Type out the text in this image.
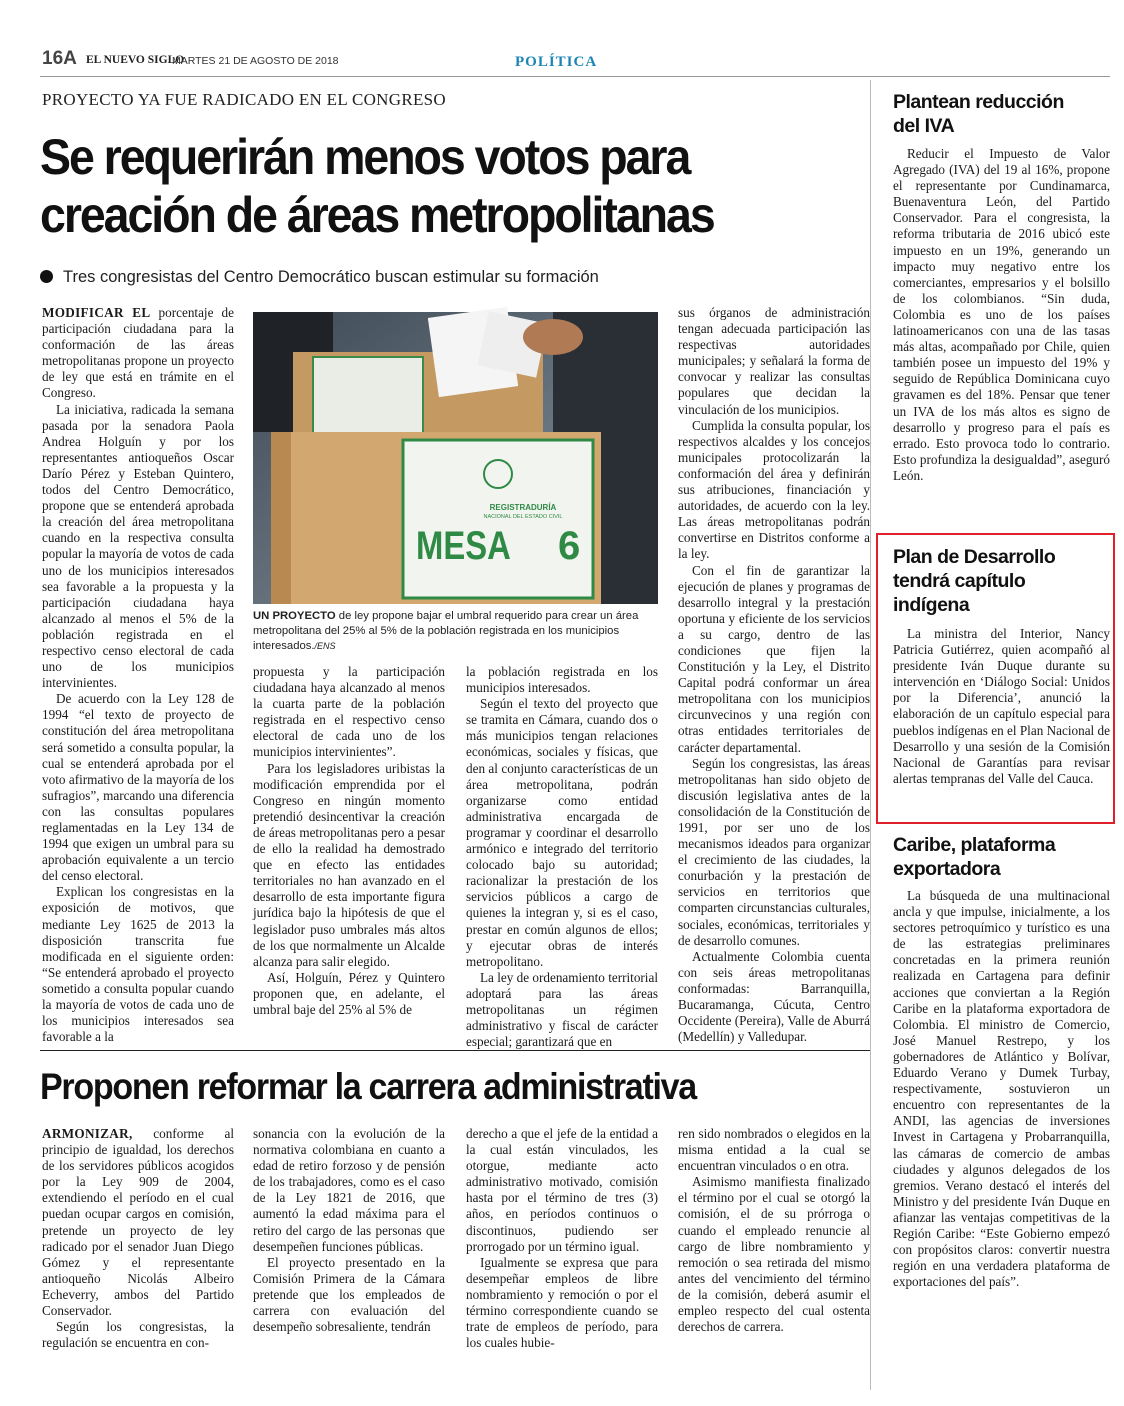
16A EL NUEVO SIGLO
MARTES 21 DE AGOSTO DE 2018	POLÍTICA
PROYECTO YA FUE RADICADO EN EL CONGRESO
Se requerirán menos votos para creación de áreas metropolitanas
Tres congresistas del Centro Democrático buscan estimular su formación

MODIFICAR EL porcentaje de participación ciudadana para la conformación de las áreas metropolitanas propone un proyecto de ley que está en trámite en el Congreso.

La iniciativa, radicada la semana pasada por la senadora Paola Andrea Holguín y por los representantes antioqueños Oscar Darío Pérez y Esteban Quintero, todos del Centro Democrático, propone que se entenderá aprobada la creación del área metropolitana cuando en la respectiva consulta popular la mayoría de votos de cada uno de los municipios interesados sea favorable a la propuesta y la participación ciudadana haya alcanzado al menos el 5% de la población registrada en el respectivo censo electoral de cada uno de los municipios intervinientes.

De acuerdo con la Ley 128 de 1994 “el texto de proyecto de constitución del área metropolitana será sometido a consulta popular, la cual se entenderá aprobada por el voto afirmativo de la mayoría de los sufragios”, marcando una diferencia con las consultas populares reglamentadas en la Ley 134 de 1994 que exigen un umbral para su aprobación equivalente a un tercio del censo electoral.

Explican los congresistas en la exposición de motivos, que mediante Ley 1625 de 2013 la disposición transcrita fue modificada en el siguiente orden: “Se entenderá aprobado el proyecto sometido a consulta popular cuando la mayoría de votos de cada uno de los municipios interesados sea favorable a la

REGISTRADURÍA
NACIONAL DEL ESTADO CIVIL
MESA 6
UN PROYECTO de ley propone bajar el umbral requerido para crear un área metropolitana del 25% al 5% de la población registrada en los municipios interesados./ENS

propuesta y la participación ciudadana haya alcanzado al menos la cuarta parte de la población registrada en el respectivo censo electoral de cada uno de los municipios intervinientes”.

Para los legisladores uribistas la modificación emprendida por el Congreso en ningún momento pretendió desincentivar la creación de áreas metropolitanas pero a pesar de ello la realidad ha demostrado que en efecto las entidades territoriales no han avanzado en el desarrollo de esta importante figura jurídica bajo la hipótesis de que el legislador puso umbrales más altos de los que normalmente un Alcalde alcanza para salir elegido.

Así, Holguín, Pérez y Quintero proponen que, en adelante, el umbral baje del 25% al 5% de

la población registrada en los municipios interesados.

Según el texto del proyecto que se tramita en Cámara, cuando dos o más municipios tengan relaciones económicas, sociales y físicas, que den al conjunto características de un área metropolitana, podrán organizarse como entidad administrativa encargada de programar y coordinar el desarrollo armónico e integrado del territorio colocado bajo su autoridad; racionalizar la prestación de los servicios públicos a cargo de quienes la integran y, si es el caso, prestar en común algunos de ellos; y ejecutar obras de interés metropolitano.

La ley de ordenamiento territorial adoptará para las áreas metropolitanas un régimen administrativo y fiscal de carácter especial; garantizará que en

sus órganos de administración tengan adecuada participación las respectivas autoridades municipales; y señalará la forma de convocar y realizar las consultas populares que decidan la vinculación de los municipios.

Cumplida la consulta popular, los respectivos alcaldes y los concejos municipales protocolizarán la conformación del área y definirán sus atribuciones, financiación y autoridades, de acuerdo con la ley. Las áreas metropolitanas podrán convertirse en Distritos conforme a la ley.

Con el fin de garantizar la ejecución de planes y programas de desarrollo integral y la prestación oportuna y eficiente de los servicios a su cargo, dentro de las condiciones que fijen la Constitución y la Ley, el Distrito Capital podrá conformar un área metropolitana con los municipios circunvecinos y una región con otras entidades territoriales de carácter departamental.

Según los congresistas, las áreas metropolitanas han sido objeto de discusión legislativa antes de la consolidación de la Constitución de 1991, por ser uno de los mecanismos ideados para organizar el crecimiento de las ciudades, la conurbación y la prestación de servicios en territorios que comparten circunstancias culturales, sociales, económicas, territoriales y de desarrollo comunes.

Actualmente Colombia cuenta con seis áreas metropolitanas conformadas: Barranquilla, Bucaramanga, Cúcuta, Centro Occidente (Pereira), Valle de Aburrá (Medellín) y Valledupar.

Proponen reformar la carrera administrativa

ARMONIZAR, conforme al principio de igualdad, los derechos de los servidores públicos acogidos por la Ley 909 de 2004, extendiendo el período en el cual puedan ocupar cargos en comisión, pretende un proyecto de ley radicado por el senador Juan Diego Gómez y el representante antioqueño Nicolás Albeiro Echeverry, ambos del Partido Conservador.

Según los congresistas, la regulación se encuentra en con-

sonancia con la evolución de la normativa colombiana en cuanto a edad de retiro forzoso y de pensión de los trabajadores, como es el caso de la Ley 1821 de 2016, que aumentó la edad máxima para el retiro del cargo de las personas que desempeñen funciones públicas.

El proyecto presentado en la Comisión Primera de la Cámara pretende que los empleados de carrera con evaluación del desempeño sobresaliente, tendrán

derecho a que el jefe de la entidad a la cual están vinculados, les otorgue, mediante acto administrativo motivado, comisión hasta por el término de tres (3) años, en períodos continuos o discontinuos, pudiendo ser prorrogado por un término igual.

Igualmente se expresa que para desempeñar empleos de libre nombramiento y remoción o por el término correspondiente cuando se trate de empleos de período, para los cuales hubie-

ren sido nombrados o elegidos en la misma entidad a la cual se encuentran vinculados o en otra.

Asimismo manifiesta finalizado el término por el cual se otorgó la comisión, el de su prórroga o cuando el empleado renuncie al cargo de libre nombramiento y remoción o sea retirada del mismo antes del vencimiento del término de la comisión, deberá asumir el empleo respecto del cual ostenta derechos de carrera.

Plantean reducción del IVA

Reducir el Impuesto de Valor Agregado (IVA) del 19 al 16%, propone el representante por Cundinamarca, Buenaventura León, del Partido Conservador. Para el congresista, la reforma tributaria de 2016 ubicó este impuesto en un 19%, generando un impacto muy negativo entre los comerciantes, empresarios y el bolsillo de los colombianos. “Sin duda, Colombia es uno de los países latinoamericanos con una de las tasas más altas, acompañado por Chile, quien también posee un impuesto del 19% y seguido de República Dominicana cuyo gravamen es del 18%. Pensar que tener un IVA de los más altos es signo de desarrollo y progreso para el país es errado. Esto provoca todo lo contrario. Esto profundiza la desigualdad”, aseguró León.

Plan de Desarrollo tendrá capítulo indígena

La ministra del Interior, Nancy Patricia Gutiérrez, quien acompañó al presidente Iván Duque durante su intervención en ‘Diálogo Social: Unidos por la Diferencia’, anunció la elaboración de un capítulo especial para pueblos indígenas en el Plan Nacional de Desarrollo y una sesión de la Comisión Nacional de Garantías para revisar alertas tempranas del Valle del Cauca.

Caribe, plataforma exportadora

La búsqueda de una multinacional ancla y que impulse, inicialmente, a los sectores petroquímico y turístico es una de las estrategias preliminares concretadas en la primera reunión realizada en Cartagena para definir acciones que conviertan a la Región Caribe en la plataforma exportadora de Colombia. El ministro de Comercio, José Manuel Restrepo, y los gobernadores de Atlántico y Bolívar, Eduardo Verano y Dumek Turbay, respectivamente, sostuvieron un encuentro con representantes de la ANDI, las agencias de inversiones Invest in Cartagena y Probarranquilla, las cámaras de comercio de ambas ciudades y algunos delegados de los gremios. Verano destacó el interés del Ministro y del presidente Iván Duque en afianzar las ventajas competitivas de la Región Caribe: “Este Gobierno empezó con propósitos claros: convertir nuestra región en una verdadera plataforma de exportaciones del país”.
